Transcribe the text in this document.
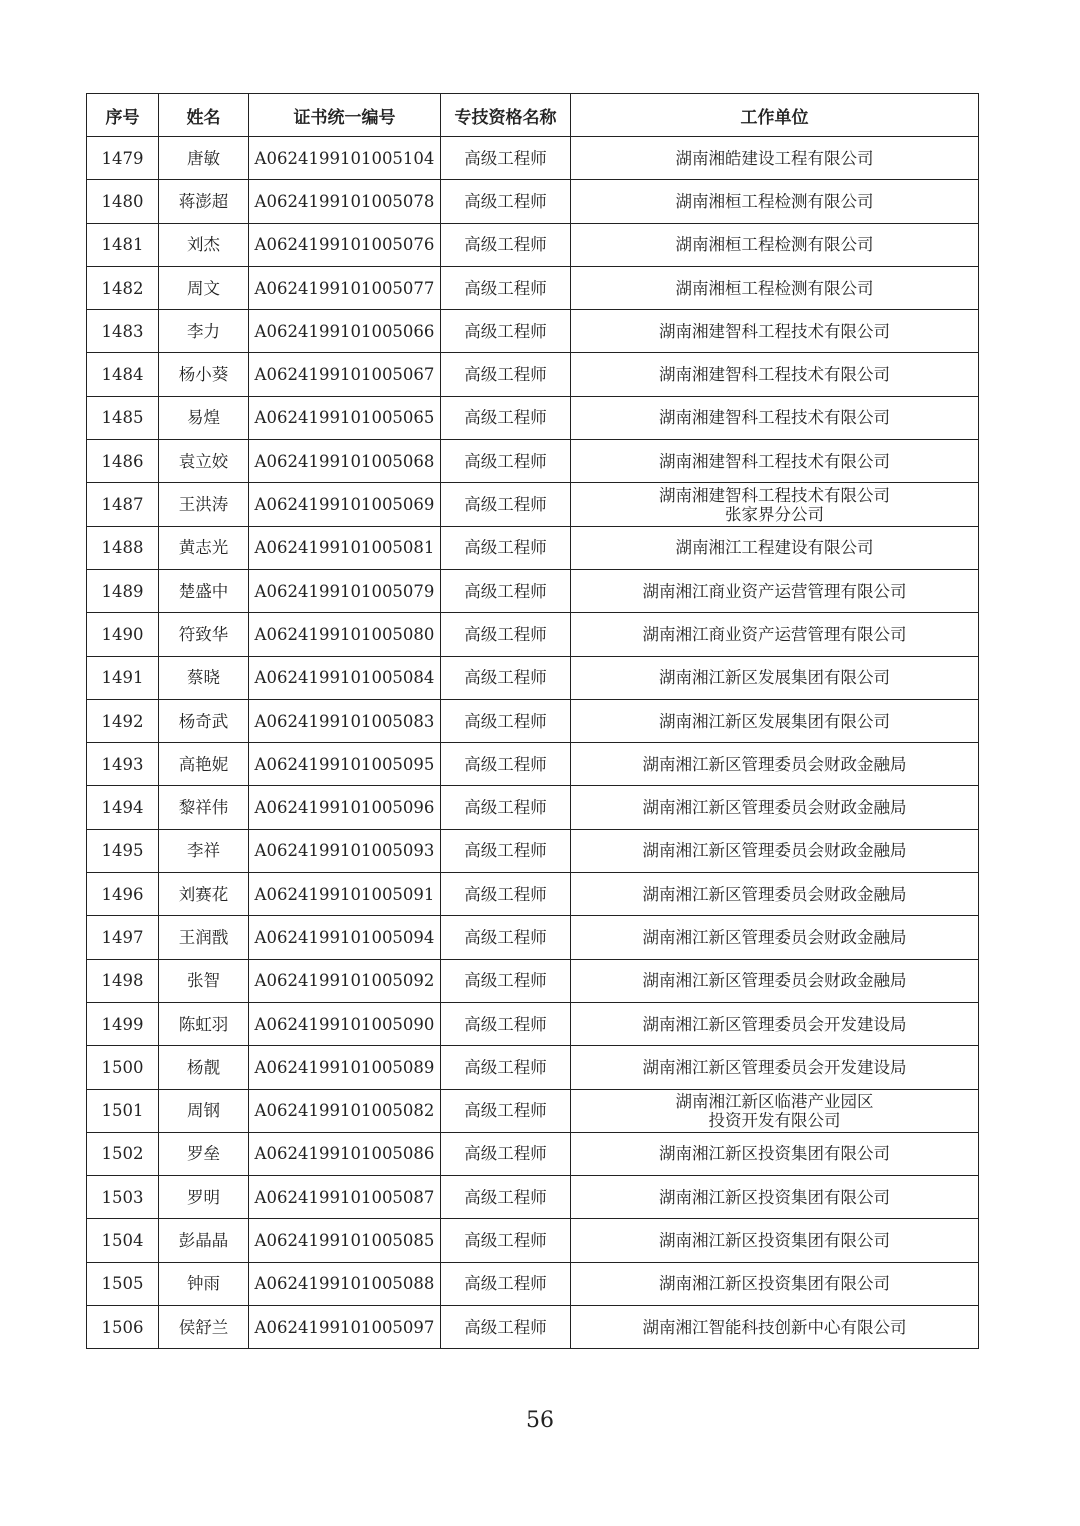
序号	姓名	证书统一编号	专技资格名称	工作单位
1479	唐敏	A0624199101005104	高级工程师	湖南湘皓建设工程有限公司

1480	蒋澎超	A0624199101005078	高级工程师	湖南湘桓工程检测有限公司

1481	刘杰	A0624199101005076	高级工程师	湖南湘桓工程检测有限公司

1482	周文	A0624199101005077	高级工程师	湖南湘桓工程检测有限公司

1483	李力	A0624199101005066	高级工程师	湖南湘建智科工程技术有限公司

1484	杨小葵	A0624199101005067	高级工程师	湖南湘建智科工程技术有限公司

1485	易煌	A0624199101005065	高级工程师	湖南湘建智科工程技术有限公司

1486	袁立姣	A0624199101005068	高级工程师	湖南湘建智科工程技术有限公司

1487	王洪涛	A0624199101005069	高级工程师	湖南湘建智科工程技术有限公司
张家界分公司

1488	黄志光	A0624199101005081	高级工程师	湖南湘江工程建设有限公司

1489	楚盛中	A0624199101005079	高级工程师	湖南湘江商业资产运营管理有限公司

1490	符致华	A0624199101005080	高级工程师	湖南湘江商业资产运营管理有限公司

1491	蔡晓	A0624199101005084	高级工程师	湖南湘江新区发展集团有限公司

1492	杨奇武	A0624199101005083	高级工程师	湖南湘江新区发展集团有限公司

1493	高艳妮	A0624199101005095	高级工程师	湖南湘江新区管理委员会财政金融局

1494	黎祥伟	A0624199101005096	高级工程师	湖南湘江新区管理委员会财政金融局

1495	李祥	A0624199101005093	高级工程师	湖南湘江新区管理委员会财政金融局

1496	刘赛花	A0624199101005091	高级工程师	湖南湘江新区管理委员会财政金融局

1497	王润戬	A0624199101005094	高级工程师	湖南湘江新区管理委员会财政金融局

1498	张智	A0624199101005092	高级工程师	湖南湘江新区管理委员会财政金融局

1499	陈虹羽	A0624199101005090	高级工程师	湖南湘江新区管理委员会开发建设局

1500	杨靓	A0624199101005089	高级工程师	湖南湘江新区管理委员会开发建设局

1501	周钢	A0624199101005082	高级工程师	湖南湘江新区临港产业园区
投资开发有限公司

1502	罗垒	A0624199101005086	高级工程师	湖南湘江新区投资集团有限公司

1503	罗明	A0624199101005087	高级工程师	湖南湘江新区投资集团有限公司

1504	彭晶晶	A0624199101005085	高级工程师	湖南湘江新区投资集团有限公司

1505	钟雨	A0624199101005088	高级工程师	湖南湘江新区投资集团有限公司

1506	侯舒兰	A0624199101005097	高级工程师	湖南湘江智能科技创新中心有限公司
56
